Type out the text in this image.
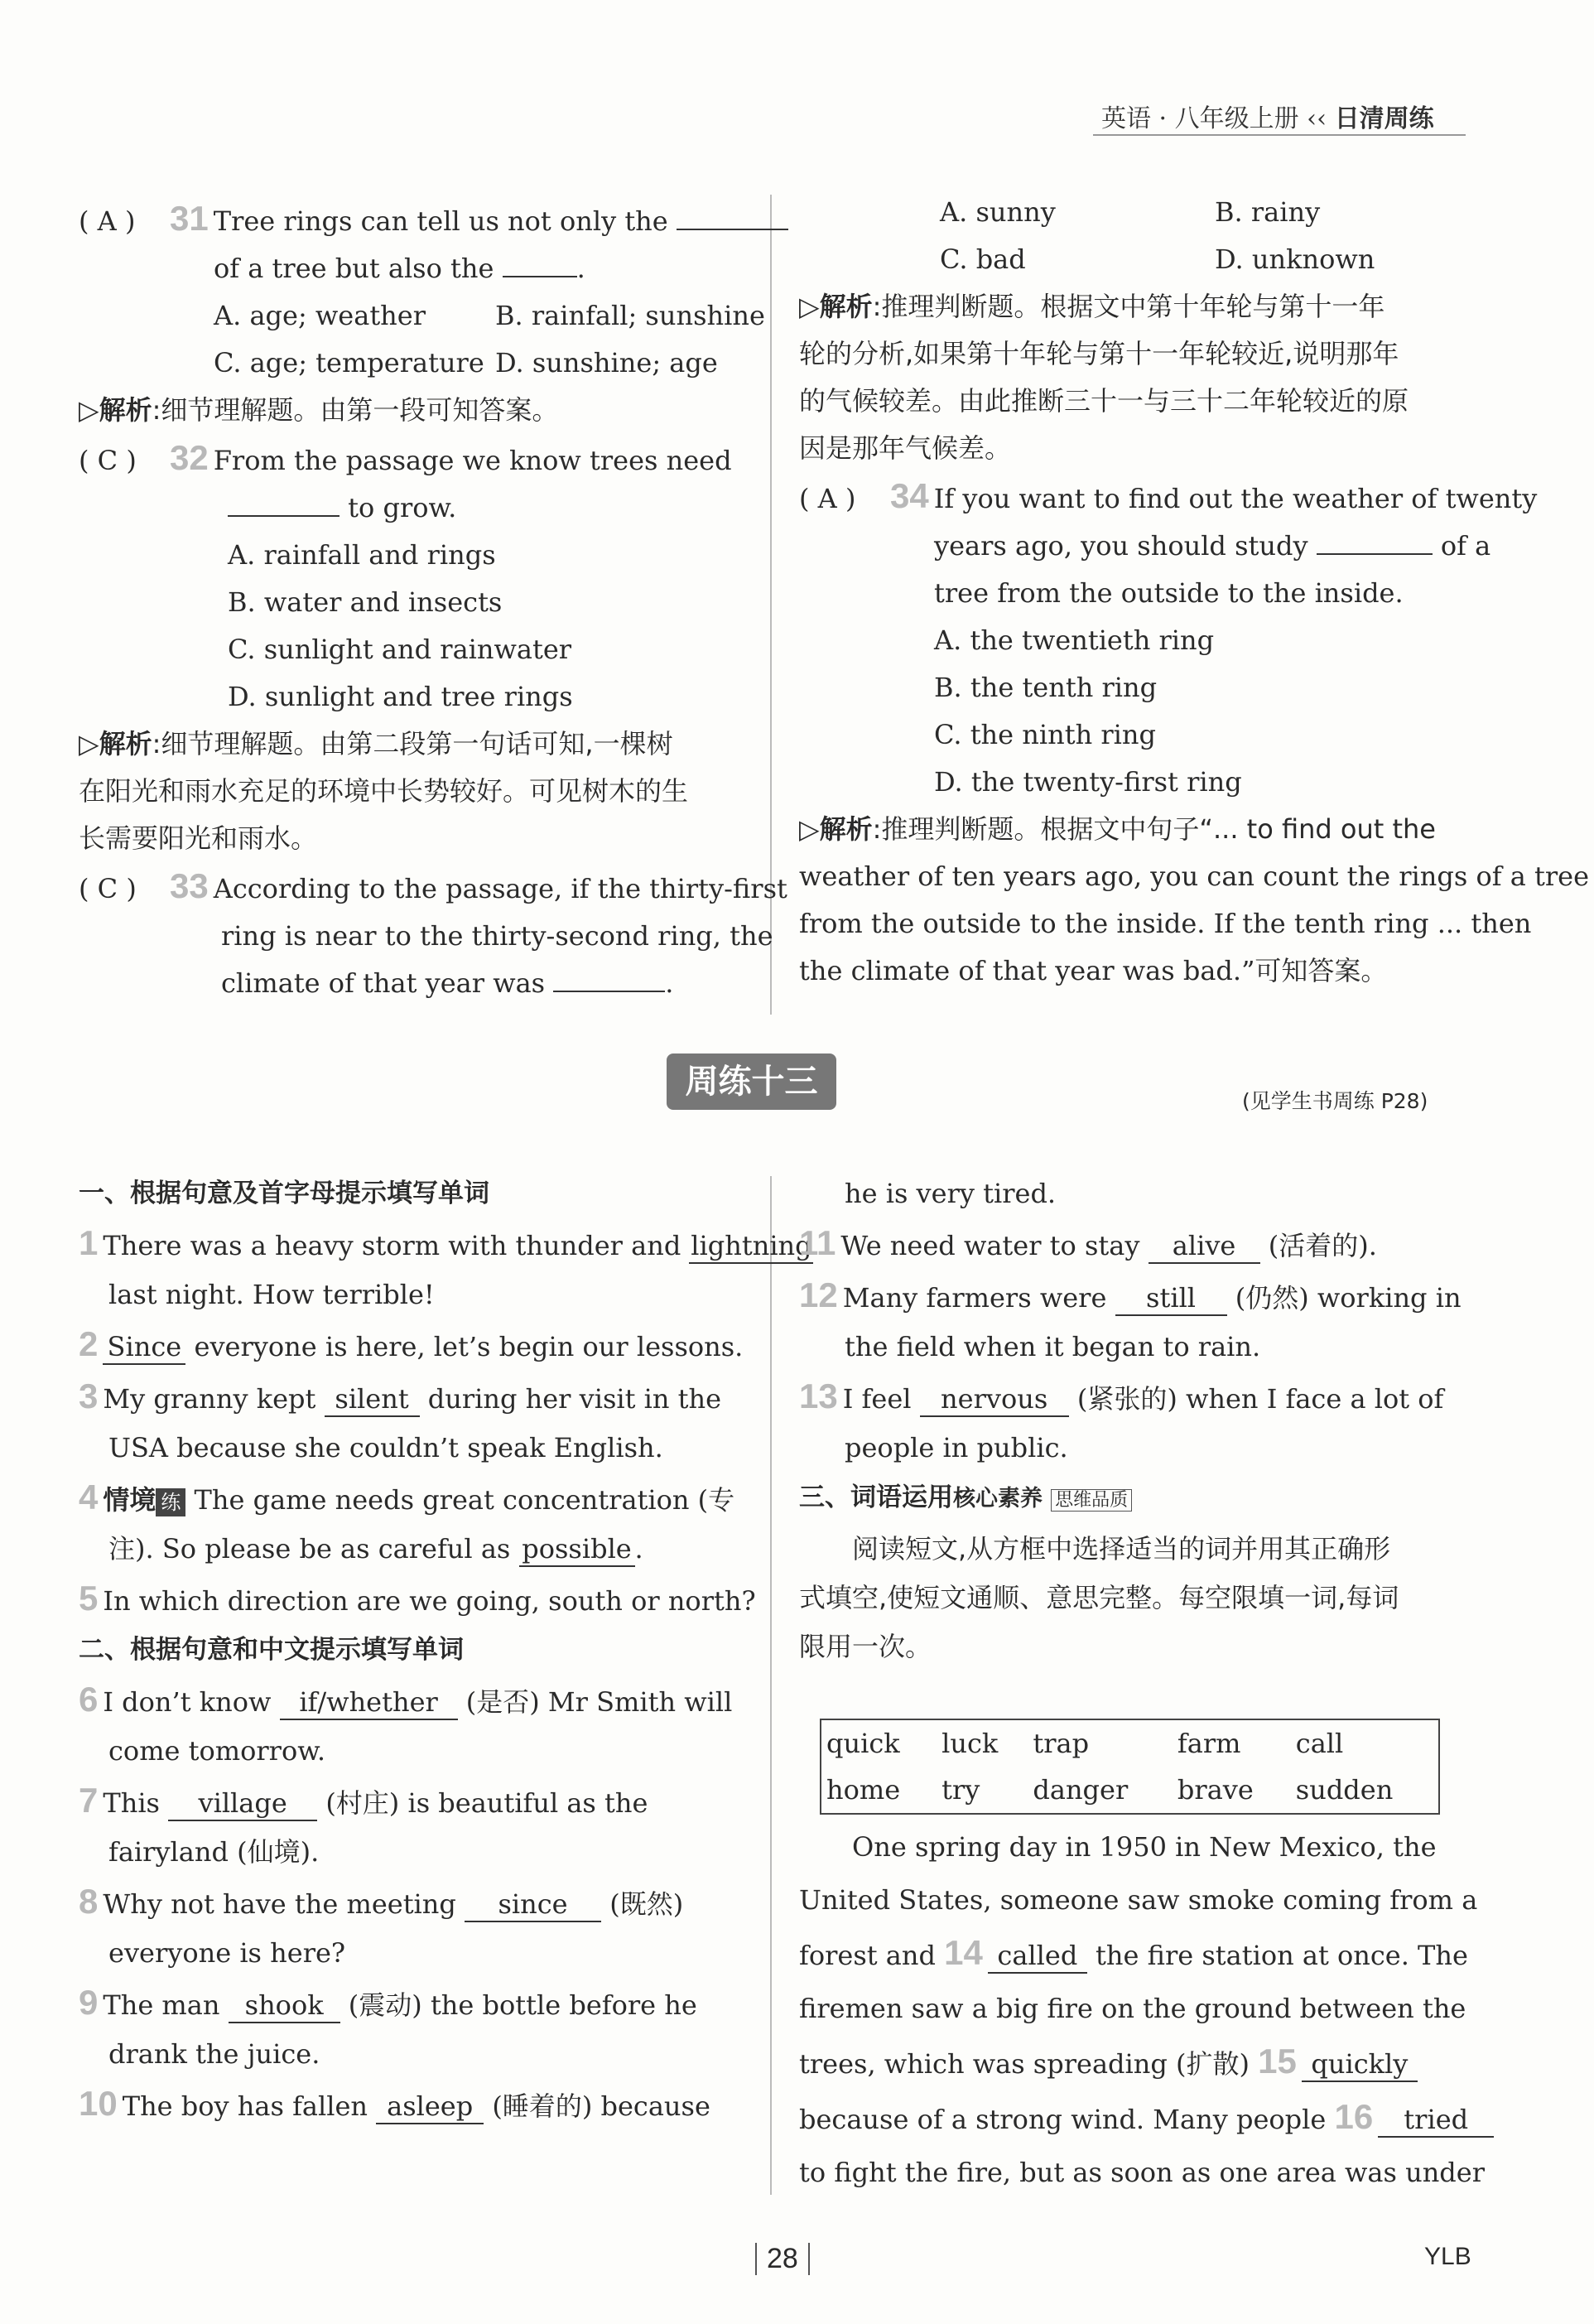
英语 · 八年级上册 ‹‹ 日清周练
( A ) 31 Tree rings can tell us not only the
of a tree but also the	.
A. age; weather	B. rainfall; sunshine
C. age; temperature D. sunshine; age
▷解析:细节理解题。由第一段可知答案。
( C ) 32 From the passage we know trees need
to grow.
A. rainfall and rings
B. water and insects
C. sunlight and rainwater
D. sunlight and tree rings
▷解析:细节理解题。由第二段第一句话可知,一棵树
在阳光和雨水充足的环境中长势较好。可见树木的生
长需要阳光和雨水。
( C ) 33 According to the passage, if the thirty-first
ring is near to the thirty-second ring, the
climate of that year was	.
A. sunny	B. rainy
C. bad	D. unknown
▷解析:推理判断题。根据文中第十年轮与第十一年
轮的分析,如果第十年轮与第十一年轮较近,说明那年
的气候较差。由此推断三十一与三十二年轮较近的原
因是那年气候差。
( A ) 34 If you want to find out the weather of twenty
years ago, you should study	of a
tree from the outside to the inside.
A. the twentieth ring
B. the tenth ring
C. the ninth ring
D. the twenty-first ring
▷解析:推理判断题。根据文中句子“... to find out the
weather of ten years ago, you can count the rings of a tree
from the outside to the inside. If the tenth ring ... then
the climate of that year was bad.”可知答案。
周练十三
(见学生书周练 P28)
一、根据句意及首字母提示填写单词
1 There was a heavy storm with thunder and lightning
last night. How terrible!
2 Since everyone is here, let’s begin our lessons.
3 My granny kept silent during her visit in the
USA because she couldn’t speak English.
4 情境 练 The game needs great concentration (专
注). So please be as careful as possible .
5 In which direction are we going, south or north?
二、根据句意和中文提示填写单词
6 I don’t know if/whether (是否) Mr Smith will
come tomorrow.
7 This village (村庄) is beautiful as the
fairyland (仙境).
8 Why not have the meeting since (既然)
everyone is here?
9 The man shook (震动) the bottle before he
drank the juice.
10 The boy has fallen asleep (睡着的) because
he is very tired.
11 We need water to stay alive (活着的).
12 Many farmers were still (仍然) working in
the field when it began to rain.
13 I feel nervous (紧张的) when I face a lot of
people in public.
三、词语运用核心素养 思维品质
阅读短文,从方框中选择适当的词并用其正确形
式填空,使短文通顺、意思完整。每空限填一词,每词
限用一次。
quick	luck	trap	farm	call
home	try	danger	brave	sudden
One spring day in 1950 in New Mexico, the
United States, someone saw smoke coming from a
forest and 14 called the fire station at once. The
firemen saw a big fire on the ground between the
trees, which was spreading (扩散) 15 quickly
because of a strong wind. Many people 16 tried
to fight the fire, but as soon as one area was under
28	YLB
